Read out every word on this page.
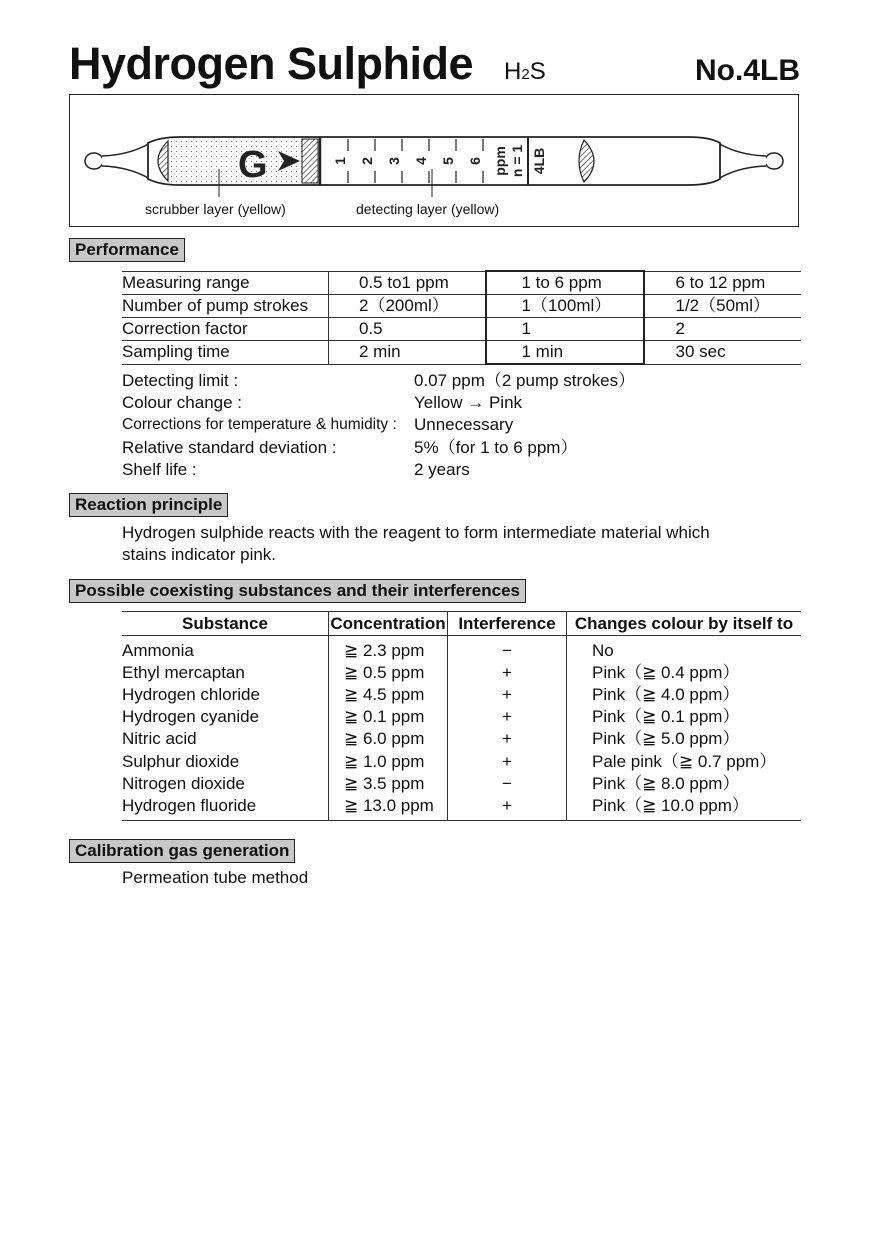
Hydrogen Sulphide H2S	No.4LB
G	1 2 3 4 5 6 ppm n = 1 4LB
scrubber layer (yellow)	detecting layer (yellow)
Performance
Measuring range	0.5 to1 ppm	1 to 6 ppm	6 to 12 ppm
Number of pump strokes	2（200ml）	1（100ml）	1/2（50ml）
Correction factor	0.5	1	2
Sampling time	2 min	1 min	30 sec
Detecting limit :	0.07 ppm（2 pump strokes）
Colour change :	Yellow → Pink
Corrections for temperature & humidity : Unnecessary
Relative standard deviation :	5%（for 1 to 6 ppm）
Shelf life :	2 years
Reaction principle
Hydrogen sulphide reacts with the reagent to form intermediate material which
stains indicator pink.
Possible coexisting substances and their interferences
Substance	Concentration	Interference	Changes colour by itself to
Ammonia	≧ 2.3 ppm	−	No
Ethyl mercaptan	≧ 0.5 ppm	+	Pink（≧ 0.4 ppm）
Hydrogen chloride	≧ 4.5 ppm	+	Pink（≧ 4.0 ppm）
Hydrogen cyanide	≧ 0.1 ppm	+	Pink（≧ 0.1 ppm）
Nitric acid	≧ 6.0 ppm	+	Pink（≧ 5.0 ppm）
Sulphur dioxide	≧ 1.0 ppm	+	Pale pink（≧ 0.7 ppm）
Nitrogen dioxide	≧ 3.5 ppm	−	Pink（≧ 8.0 ppm）
Hydrogen fluoride	≧ 13.0 ppm	+	Pink（≧ 10.0 ppm）
Calibration gas generation
Permeation tube method
